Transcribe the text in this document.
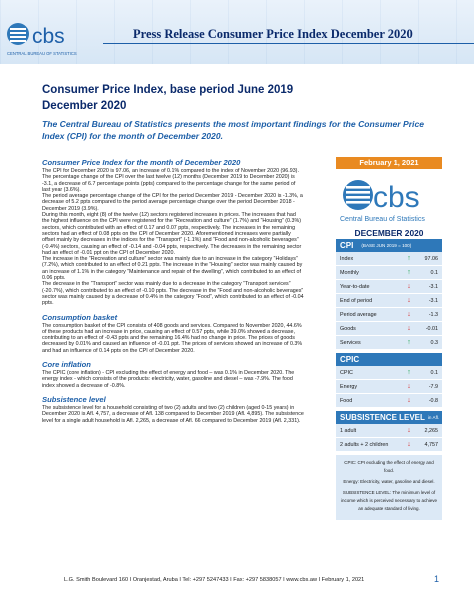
cbs
CENTRAL BUREAU OF STATISTICS
Press Release Consumer Price Index December 2020
Consumer Price Index, base period June 2019
December 2020
The Central Bureau of Statistics presents the most important findings for the Consumer Price Index (CPI) for the month of December 2020.
Consumer Price Index for the month of December 2020

The CPI for December 2020 is 97.06, an increase of 0.1% compared to the index of November 2020 (96.93).

The percentage change of the CPI over the last twelve (12) months (December 2019 to December 2020) is -3.1, a decrease of 6.7 percentage points (ppts) compared to the percentage change for the same period of last year (3.6%).

The period average percentage change of the CPI for the period December 2019 - December 2020 is -1.3%, a decrease of 5.2 ppts compared to the period average percentage change over the period December 2018 - December 2019 (3.9%).

During this month, eight (8) of the twelve (12) sectors registered increases in prices. The increases that had the highest influence on the CPI were registered for the “Recreation and culture” (1.7%) and “Housing” (0.3%) sectors, which contributed with an effect of 0.17 and 0.07 ppts, respectively. The increases in the remaining sectors had an effect of 0.08 ppts on the CPI of December 2020. Aforementioned increases were partially offset mainly by decreases in the indices for the “Transport” (-1.1%) and “Food and non-alcoholic beverages” (-0.4%) sectors, causing an effect of -0.14 and -0.04 ppts, respectively. The decreases in the remaining sector had an effect of -0.01 ppt on the CPI of December 2020.

The increase in the “Recreation and culture” sector was mainly due to an increase in the category “Holidays” (7.2%), which contributed to an effect of 0.21 ppts. The increase in the “Housing” sector was mainly caused by an increase of 1.1% in the category “Maintenance and repair of the dwelling”, which contributed to an effect of 0.06 ppts.

The decrease in the “Transport” sector was mainly due to a decrease in the category “Transport services” (-20.7%), which contributed to an effect of -0.10 ppts. The decrease in the “Food and non-alcoholic beverages” sector was mainly caused by a decrease of 0.4% in the category “Food”, which contributed to an effect of -0.04 ppts.

Consumption basket

The consumption basket of the CPI consists of 408 goods and services. Compared to November 2020, 44.6% of these products had an increase in price, causing an effect of 0.57 ppts, while 39.0% showed a decrease, contributing to an effect of -0.43 ppts and the remaining 16.4% had no change in price. The prices of goods decreased by 0.01% and caused an influence of -0.01 ppt. The prices of services showed an increase of 0.3% and had an influence of 0.14 ppts on the CPI of December 2020.

Core inflation

The CPIC (core inflation) - CPI excluding the effect of energy and food – was 0.1% in December 2020. The energy index - which consists of the products: electricity, water, gasoline and diesel – was -7.9%. The food index showed a decrease of -0.8%.

Subsistence level

The subsistence level for a household consisting of two (2) adults and two (2) children (aged 0-15 years) in December 2020 is Afl. 4,757, a decrease of Afl. 138 compared to December 2019 (Afl. 4,895). The subsistence level for a single adult household is Afl. 2,265, a decrease of Afl. 66 compared to December 2019 (Afl. 2,331).

February 1, 2021
cbs
Central Bureau of Statistics
DECEMBER 2020
CPI (BASE JUN 2019 = 100)
Index	↑	97.06
Monthly	↑	0.1
Year-to-date	↓	-3.1
End of period	↓	-3.1
Period average	↓	-1.3
Goods	↓	-0.01
Services	↑	0.3
CPIC
CPIC	↑	0.1
Energy	↓	-7.9
Food	↓	-0.8
SUBSISTENCE LEVEL in Afl.
1 adult	↓	2,265
2 adults + 2 children	↓	4,757

CPIC: CPI excluding the effect of energy and food.

Energy: Electricity, water, gasoline and diesel.

SUBSISTENCE LEVEL: The minimum level of income which is perceived necessary to achieve an adequate standard of living.

L.G. Smith Boulevard 160 I Oranjestad, Aruba I Tel: +297 5247433 I Fax: +297 5838057 I www.cbs.aw I February 1, 2021	1
